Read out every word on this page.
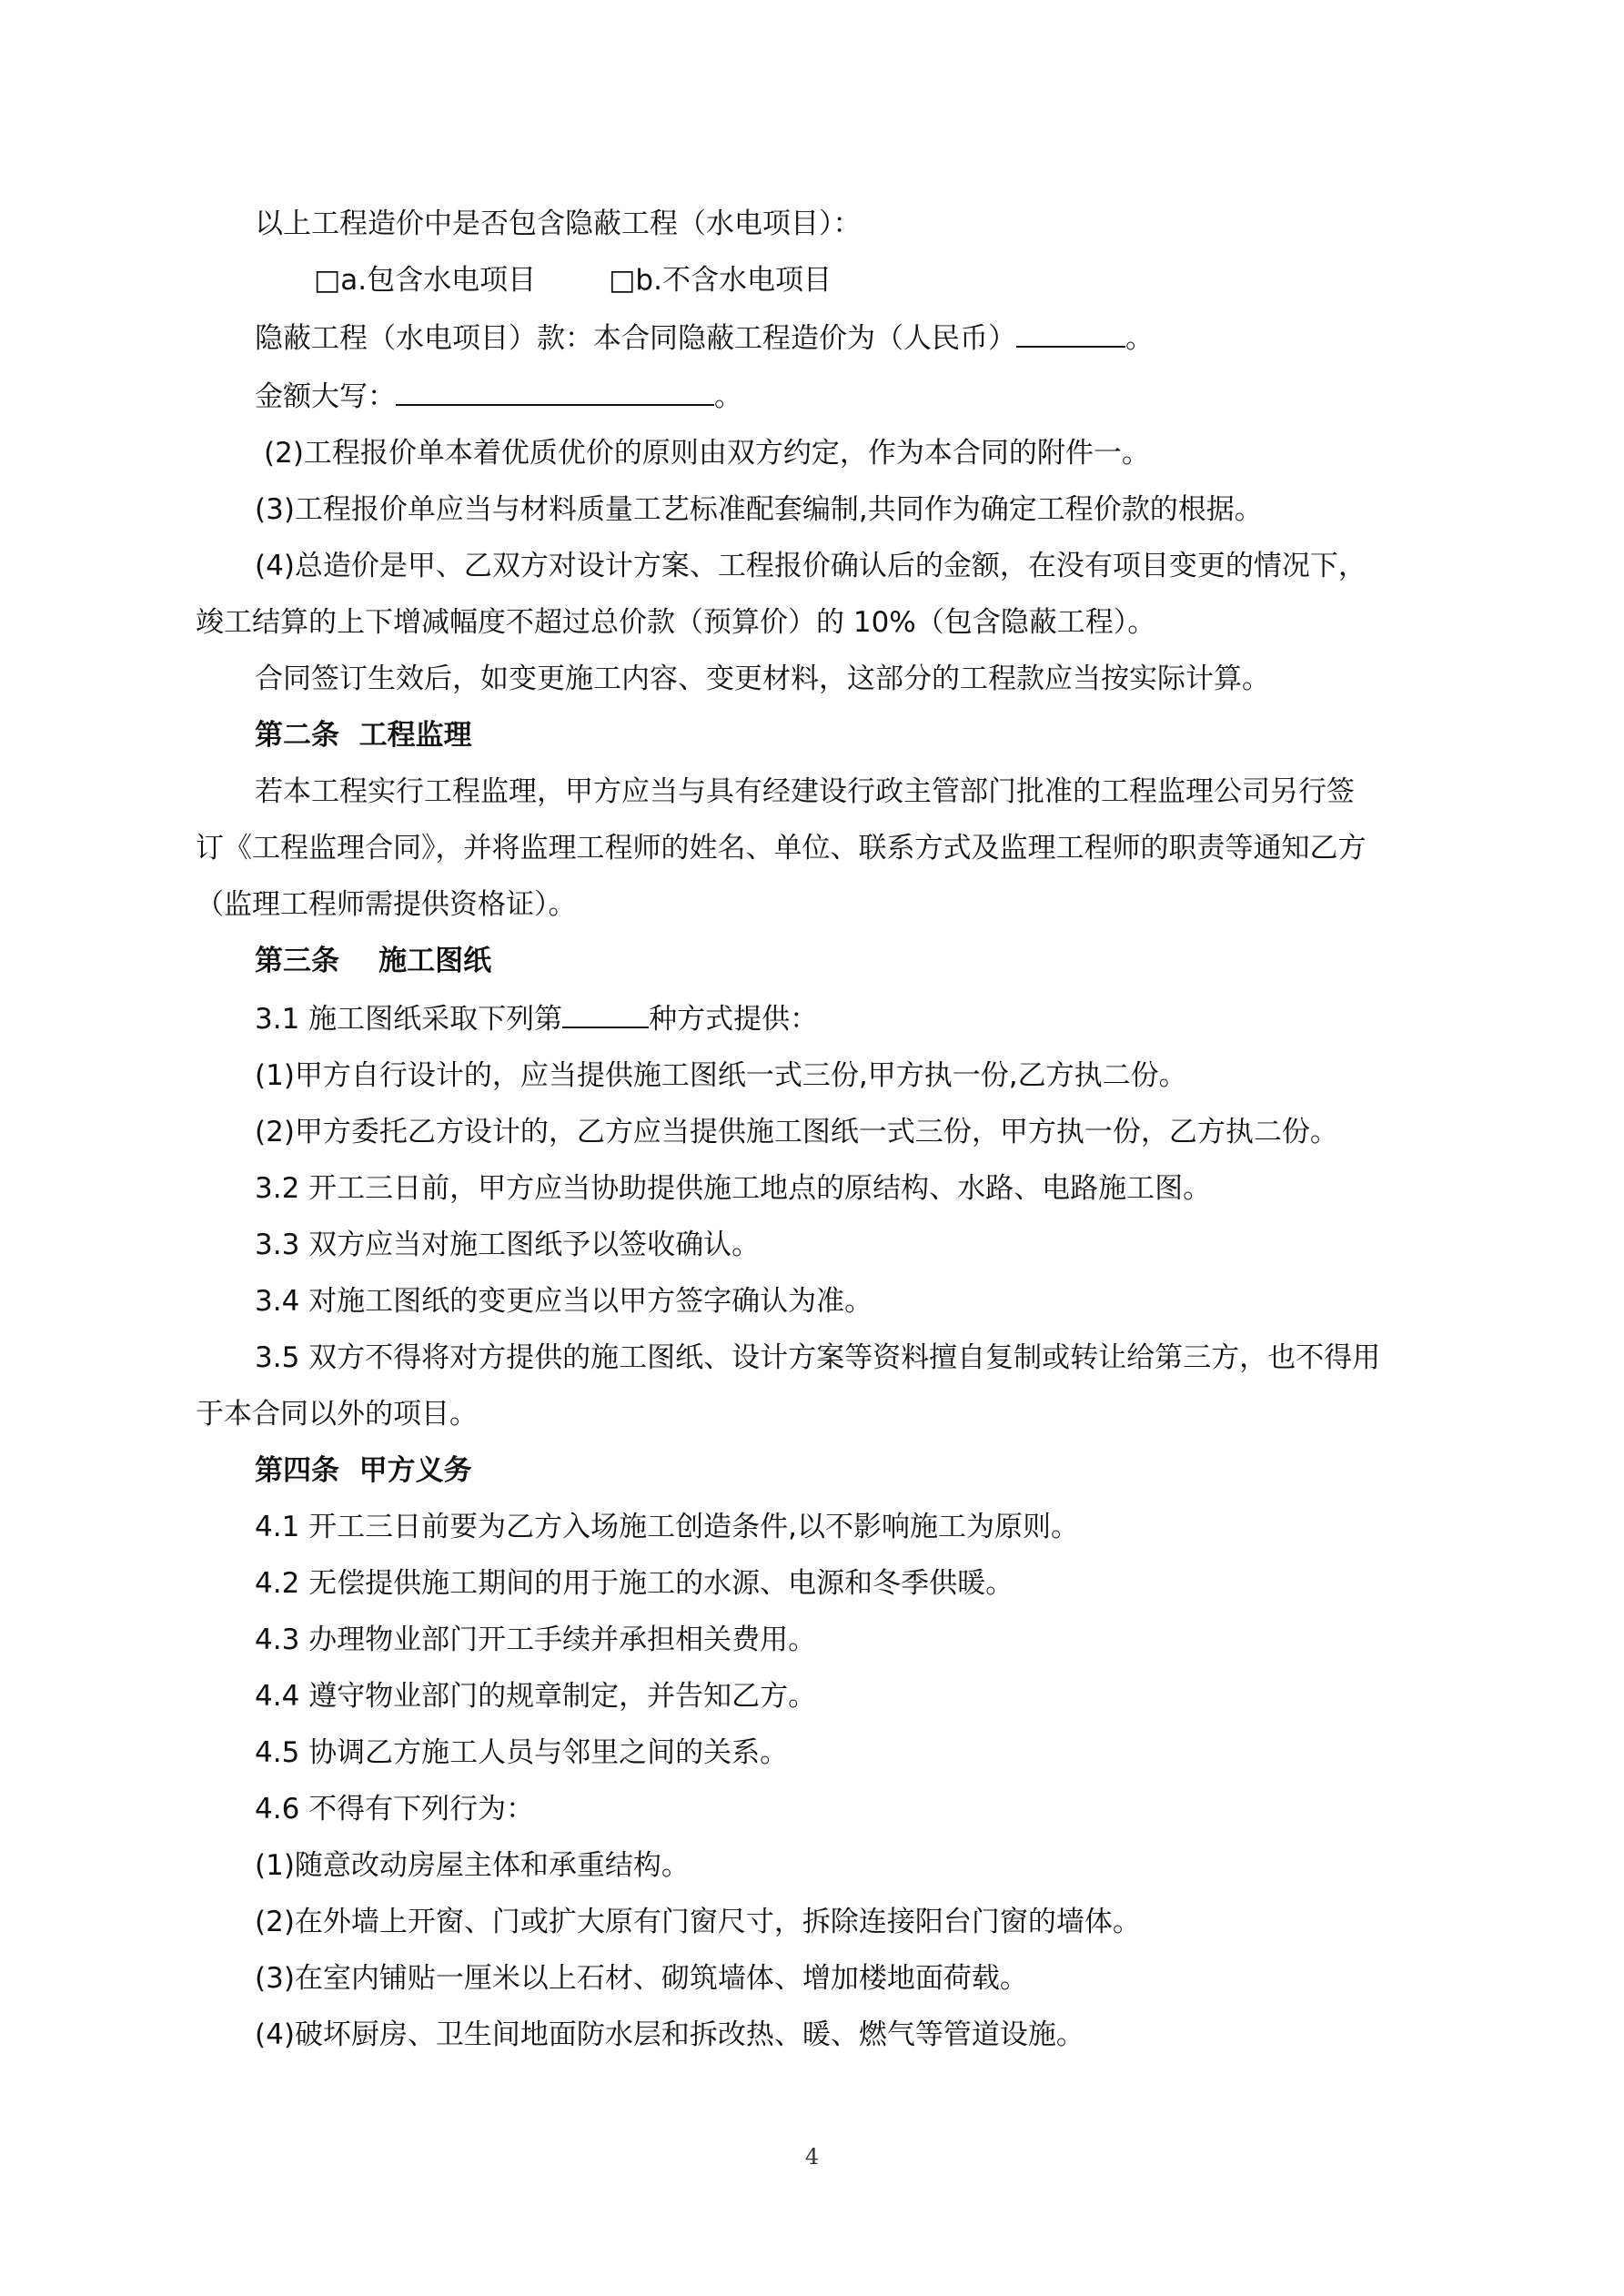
以上工程造价中是否包含隐蔽工程（水电项目）：
□a.包含水电项目	□b.不含水电项目
隐蔽工程（水电项目）款：本合同隐蔽工程造价为（人民币）	。
金额大写：	。
(2)工程报价单本着优质优价的原则由双方约定，作为本合同的附件一。
(3)工程报价单应当与材料质量工艺标准配套编制,共同作为确定工程价款的根据。
(4)总造价是甲、乙双方对设计方案、工程报价确认后的金额，在没有项目变更的情况下，
竣工结算的上下增减幅度不超过总价款（预算价）的 10%（包含隐蔽工程）。
合同签订生效后，如变更施工内容、变更材料，这部分的工程款应当按实际计算。
第二条  工程监理
若本工程实行工程监理，甲方应当与具有经建设行政主管部门批准的工程监理公司另行签
订《工程监理合同》，并将监理工程师的姓名、单位、联系方式及监理工程师的职责等通知乙方
（监理工程师需提供资格证）。
第三条    施工图纸
3.1 施工图纸采取下列第	种方式提供：
(1)甲方自行设计的，应当提供施工图纸一式三份,甲方执一份,乙方执二份。
(2)甲方委托乙方设计的，乙方应当提供施工图纸一式三份，甲方执一份，乙方执二份。
3.2 开工三日前，甲方应当协助提供施工地点的原结构、水路、电路施工图。
3.3 双方应当对施工图纸予以签收确认。
3.4 对施工图纸的变更应当以甲方签字确认为准。
3.5 双方不得将对方提供的施工图纸、设计方案等资料擅自复制或转让给第三方，也不得用
于本合同以外的项目。
第四条  甲方义务
4.1 开工三日前要为乙方入场施工创造条件,以不影响施工为原则。
4.2 无偿提供施工期间的用于施工的水源、电源和冬季供暖。
4.3 办理物业部门开工手续并承担相关费用。
4.4 遵守物业部门的规章制定，并告知乙方。
4.5 协调乙方施工人员与邻里之间的关系。
4.6 不得有下列行为：
(1)随意改动房屋主体和承重结构。
(2)在外墙上开窗、门或扩大原有门窗尺寸，拆除连接阳台门窗的墙体。
(3)在室内铺贴一厘米以上石材、砌筑墙体、增加楼地面荷载。
(4)破坏厨房、卫生间地面防水层和拆改热、暖、燃气等管道设施。
4
